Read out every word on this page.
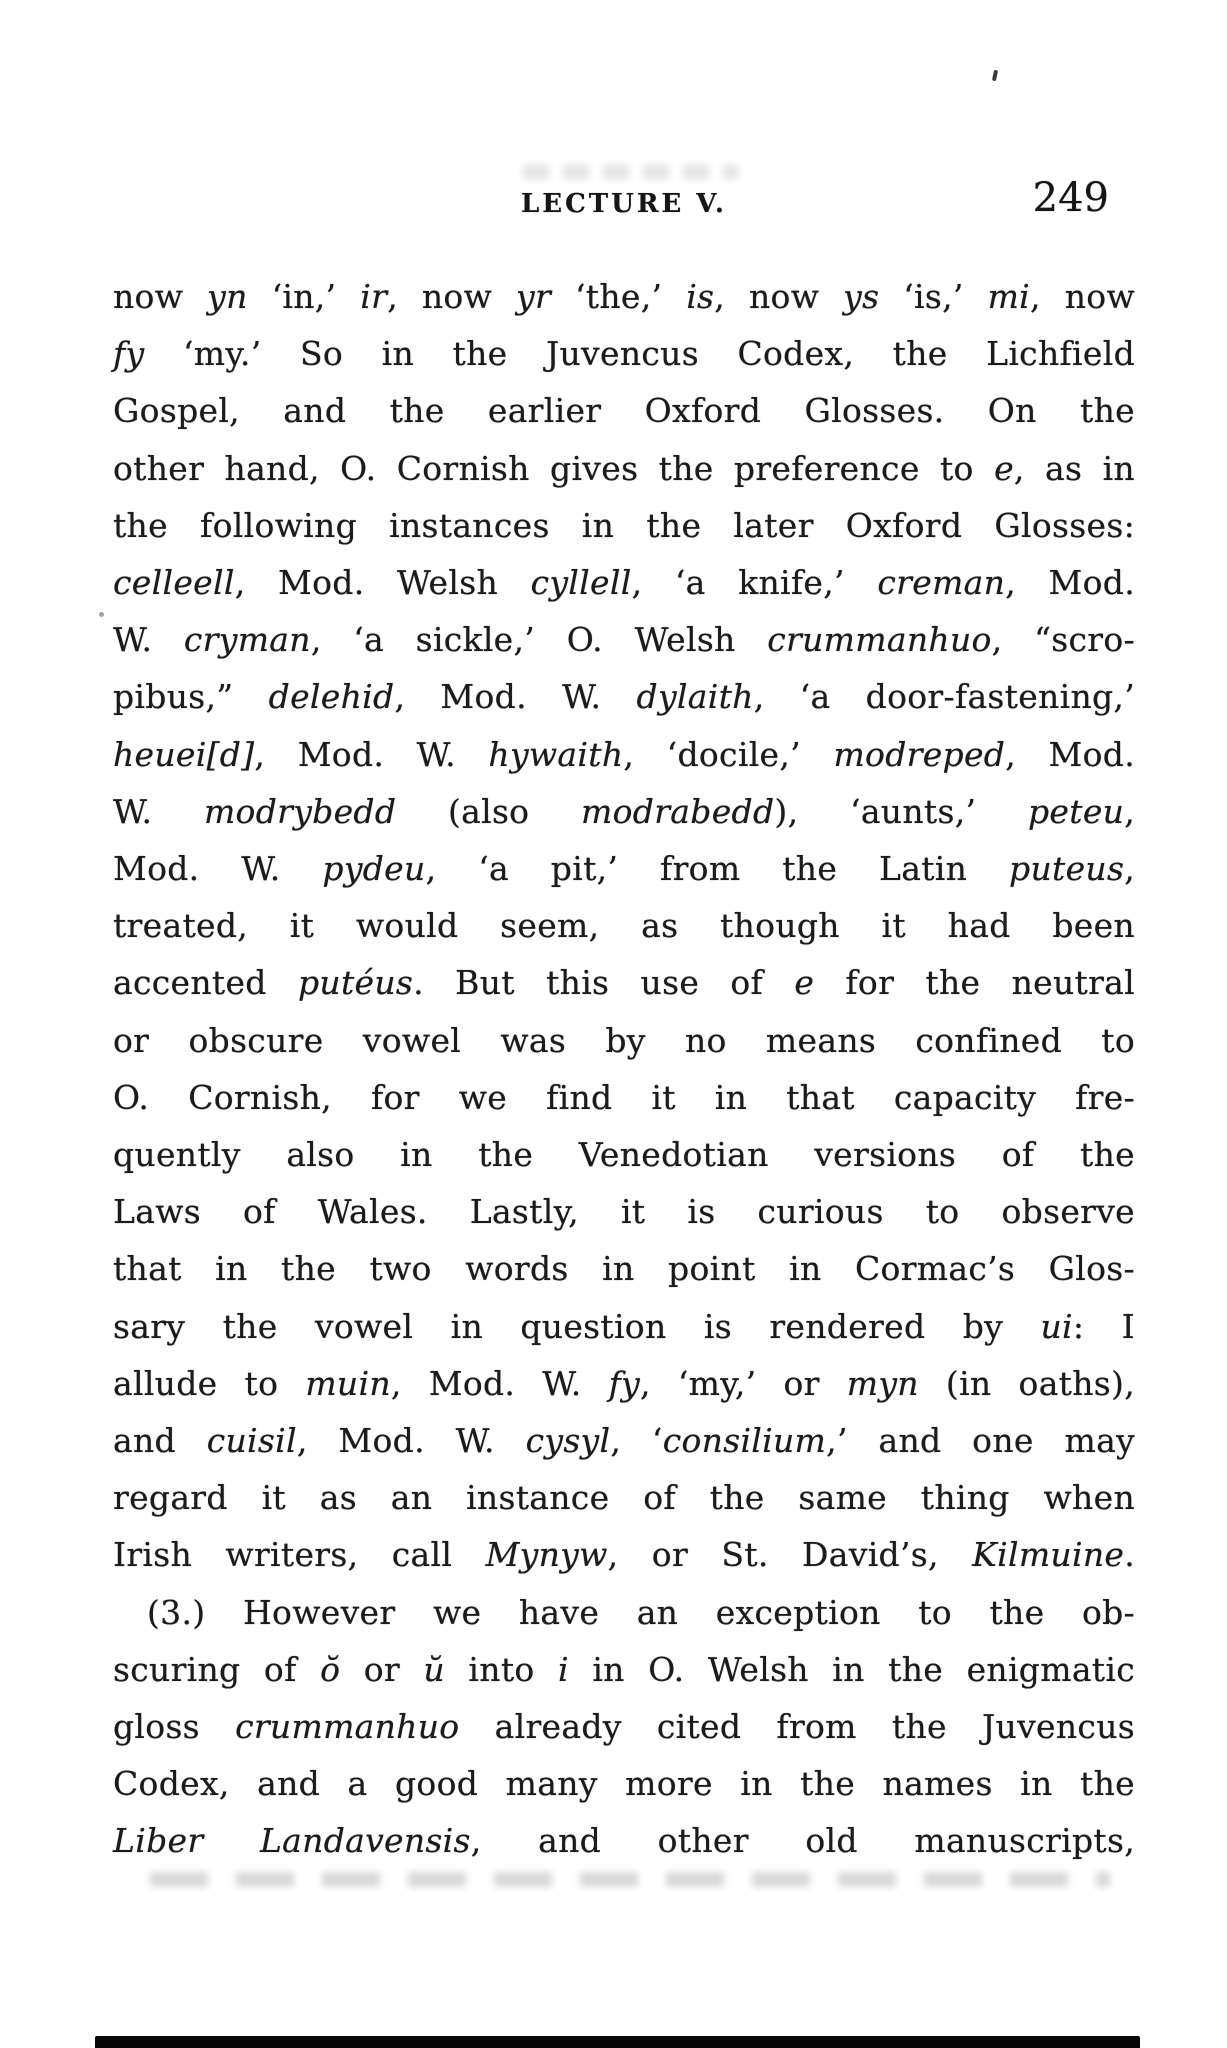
LECTURE V.	249
now yn ‘in,’ ir, now yr ‘the,’ is, now ys ‘is,’ mi, now
fy ‘my.’ So in the Juvencus Codex, the Lichfield
Gospel, and the earlier Oxford Glosses. On the
other hand, O. Cornish gives the preference to e, as in
the following instances in the later Oxford Glosses:
celleell, Mod. Welsh cyllell, ‘a knife,’ creman, Mod.
W. cryman, ‘a sickle,’ O. Welsh crummanhuo, “scro-
pibus,” delehid, Mod. W. dylaith, ‘a door-fastening,’
heuei[d], Mod. W. hywaith, ‘docile,’ modreped, Mod.
W. modrybedd (also modrabedd), ‘aunts,’ peteu,
Mod. W. pydeu, ‘a pit,’ from the Latin puteus,
treated, it would seem, as though it had been
accented putéus. But this use of e for the neutral
or obscure vowel was by no means confined to
O. Cornish, for we find it in that capacity fre-
quently also in the Venedotian versions of the
Laws of Wales. Lastly, it is curious to observe
that in the two words in point in Cormac’s Glos-
sary the vowel in question is rendered by ui: I
allude to muin, Mod. W. fy, ‘my,’ or myn (in oaths),
and cuisil, Mod. W. cysyl, ‘consilium,’ and one may
regard it as an instance of the same thing when
Irish writers, call Mynyw, or St. David’s, Kilmuine.
(3.) However we have an exception to the ob-
scuring of ŏ or ŭ into i in O. Welsh in the enigmatic
gloss crummanhuo already cited from the Juvencus
Codex, and a good many more in the names in the
Liber Landavensis, and other old manuscripts,
